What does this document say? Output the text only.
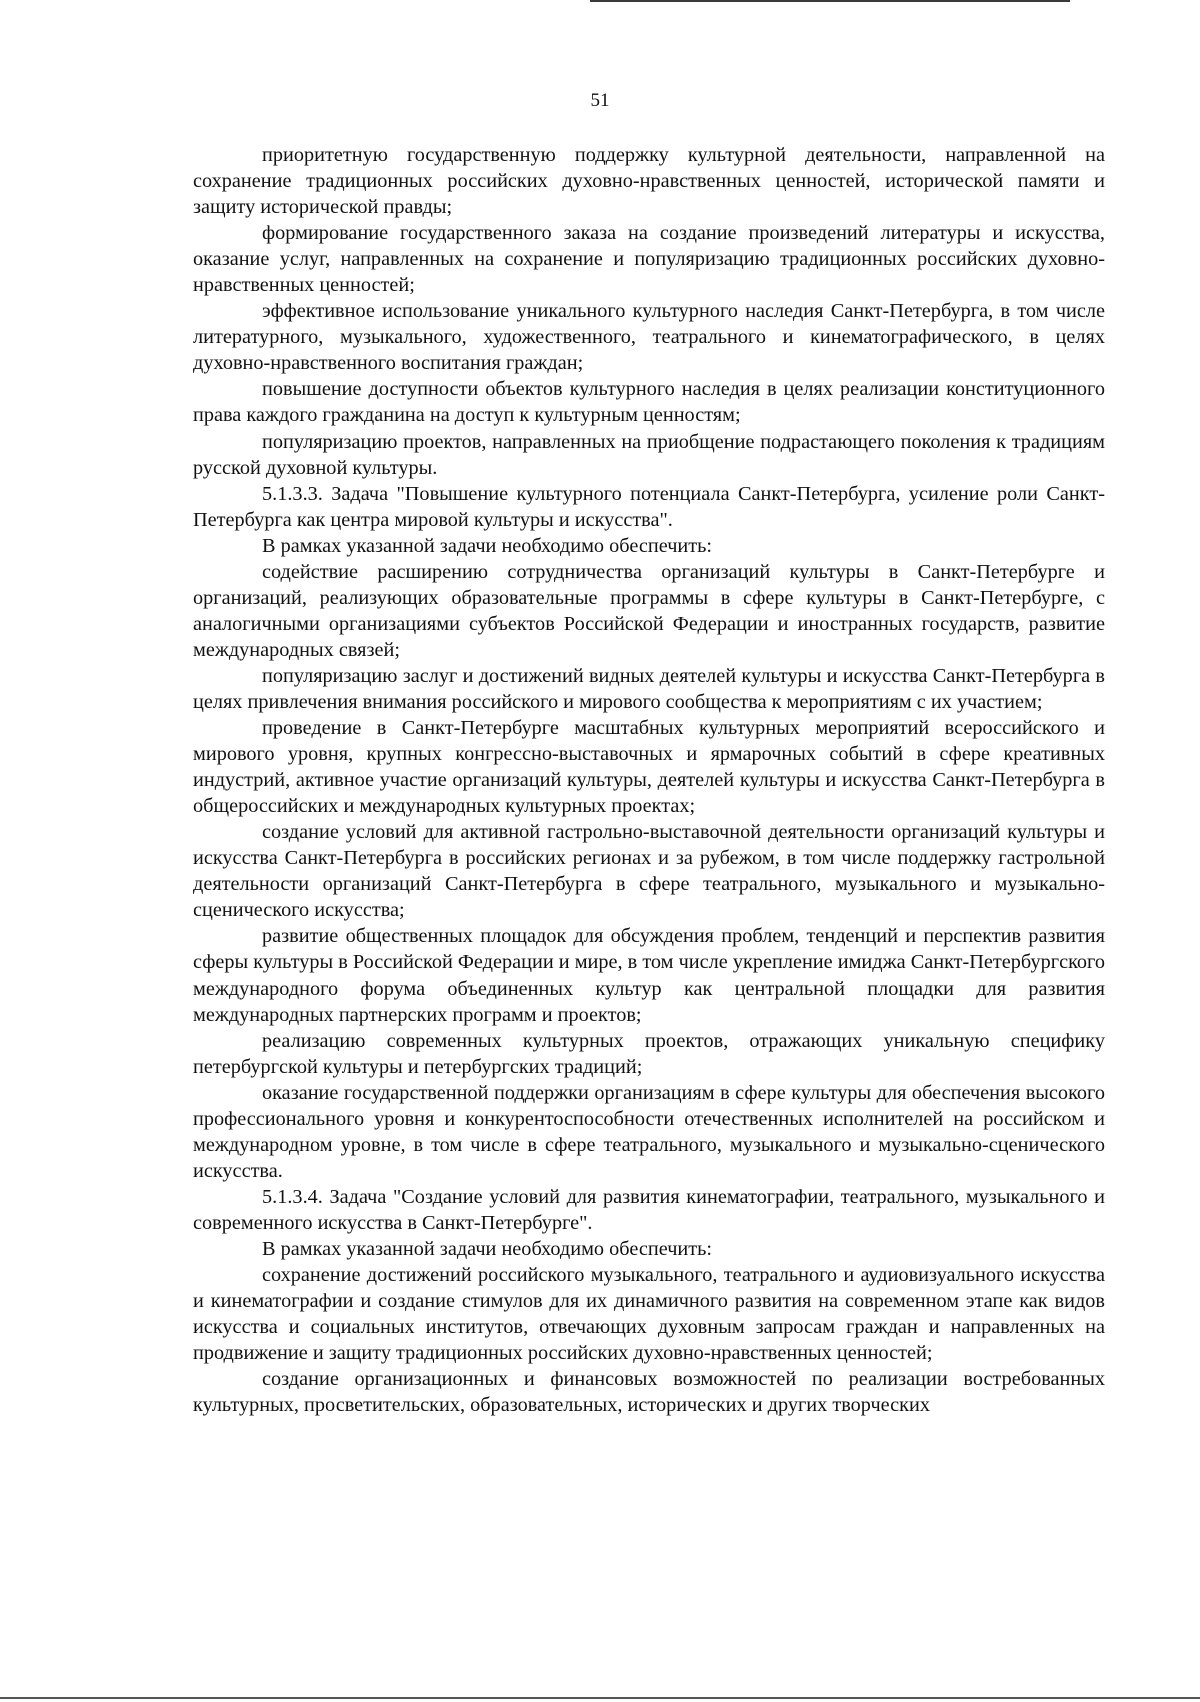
51

приоритетную государственную поддержку культурной деятельности, направленной на сохранение традиционных российских духовно-нравственных ценностей, исторической памяти и защиту исторической правды;

формирование государственного заказа на создание произведений литературы и искусства, оказание услуг, направленных на сохранение и популяризацию традиционных российских духовно-нравственных ценностей;

эффективное использование уникального культурного наследия Санкт-Петербурга, в том числе литературного, музыкального, художественного, театрального и кинематографического, в целях духовно-нравственного воспитания граждан;

повышение доступности объектов культурного наследия в целях реализации конституционного права каждого гражданина на доступ к культурным ценностям;

популяризацию проектов, направленных на приобщение подрастающего поколения к традициям русской духовной культуры.

5.1.3.3. Задача "Повышение культурного потенциала Санкт-Петербурга, усиление роли Санкт-Петербурга как центра мировой культуры и искусства".

В рамках указанной задачи необходимо обеспечить:

содействие расширению сотрудничества организаций культуры в Санкт-Петербурге и организаций, реализующих образовательные программы в сфере культуры в Санкт-Петербурге, с аналогичными организациями субъектов Российской Федерации и иностранных государств, развитие международных связей;

популяризацию заслуг и достижений видных деятелей культуры и искусства Санкт-Петербурга в целях привлечения внимания российского и мирового сообщества к мероприятиям с их участием;

проведение в Санкт-Петербурге масштабных культурных мероприятий всероссийского и мирового уровня, крупных конгрессно-выставочных и ярмарочных событий в сфере креативных индустрий, активное участие организаций культуры, деятелей культуры и искусства Санкт-Петербурга в общероссийских и международных культурных проектах;

создание условий для активной гастрольно-выставочной деятельности организаций культуры и искусства Санкт-Петербурга в российских регионах и за рубежом, в том числе поддержку гастрольной деятельности организаций Санкт-Петербурга в сфере театрального, музыкального и музыкально-сценического искусства;

развитие общественных площадок для обсуждения проблем, тенденций и перспектив развития сферы культуры в Российской Федерации и мире, в том числе укрепление имиджа Санкт-Петербургского международного форума объединенных культур как центральной площадки для развития международных партнерских программ и проектов;

реализацию современных культурных проектов, отражающих уникальную специфику петербургской культуры и петербургских традиций;

оказание государственной поддержки организациям в сфере культуры для обеспечения высокого профессионального уровня и конкурентоспособности отечественных исполнителей на российском и международном уровне, в том числе в сфере театрального, музыкального и музыкально-сценического искусства.

5.1.3.4. Задача "Создание условий для развития кинематографии, театрального, музыкального и современного искусства в Санкт-Петербурге".

В рамках указанной задачи необходимо обеспечить:

сохранение достижений российского музыкального, театрального и аудиовизуального искусства и кинематографии и создание стимулов для их динамичного развития на современном этапе как видов искусства и социальных институтов, отвечающих духовным запросам граждан и направленных на продвижение и защиту традиционных российских духовно-нравственных ценностей;

создание организационных и финансовых возможностей по реализации востребованных культурных, просветительских, образовательных, исторических и других творческих
